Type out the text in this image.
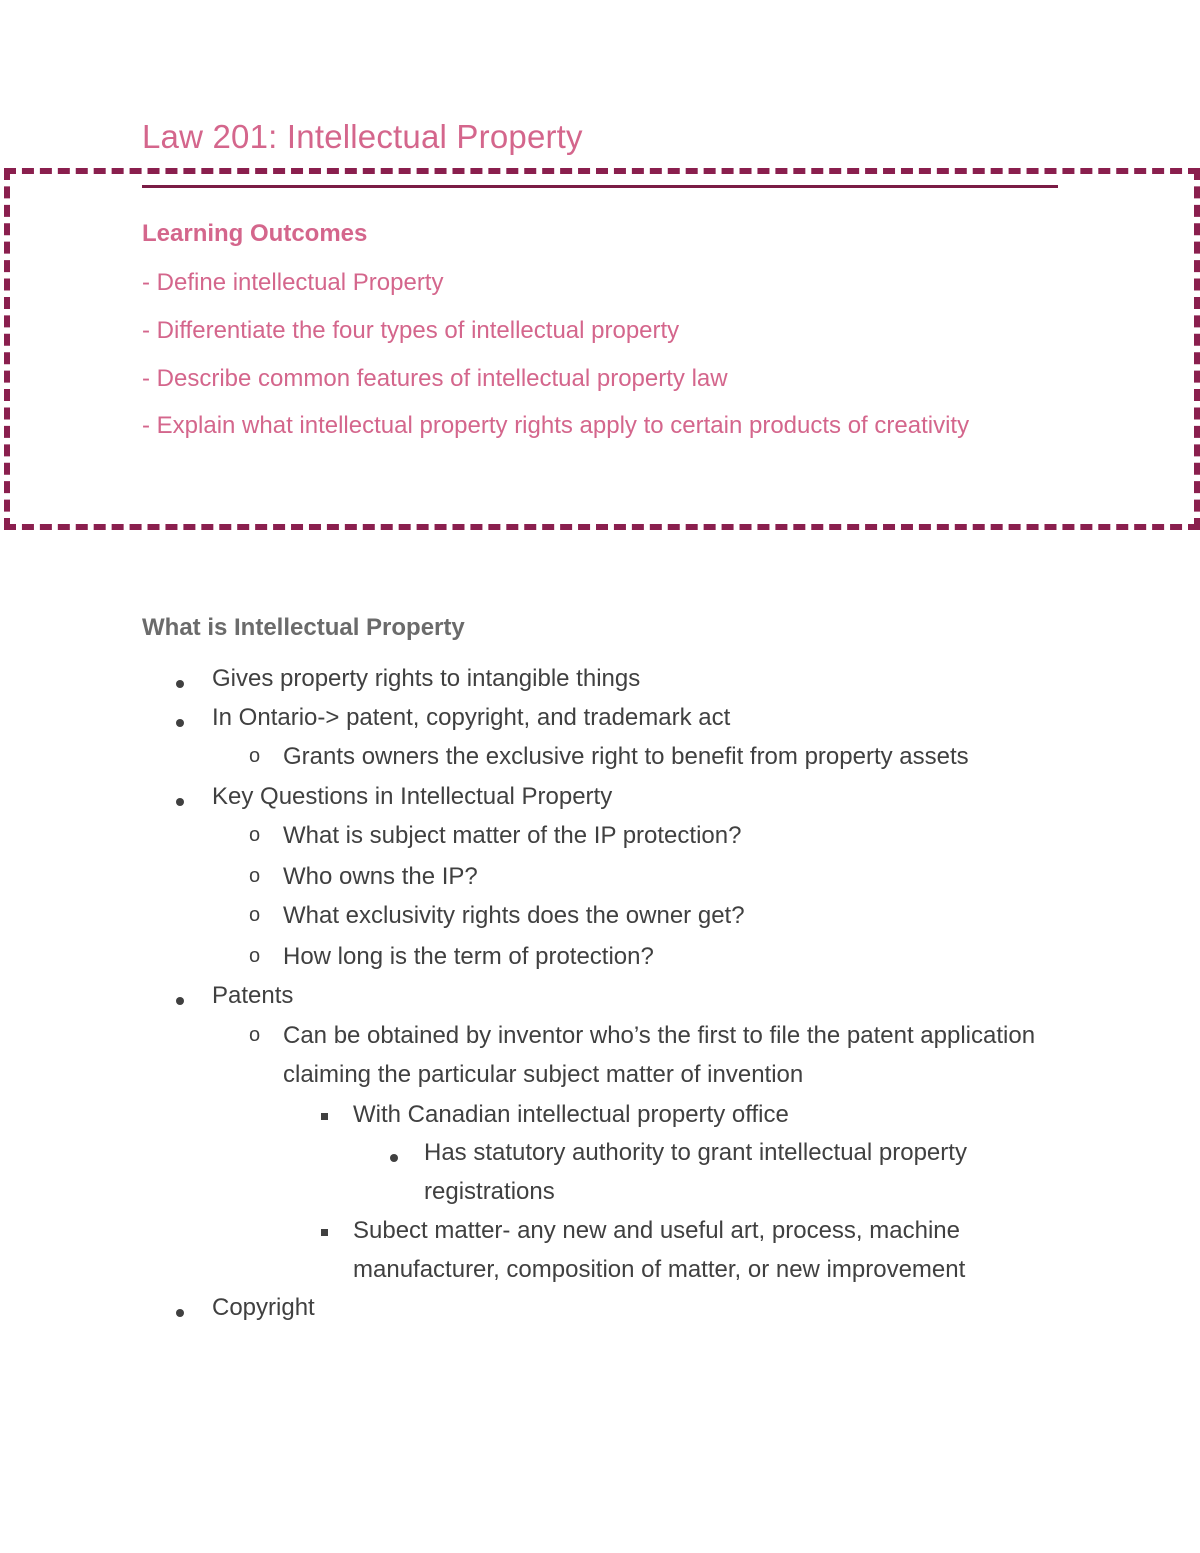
Law 201: Intellectual Property
Learning Outcomes
- Define intellectual Property
- Differentiate the four types of intellectual property
- Describe common features of intellectual property law
- Explain what intellectual property rights apply to certain products of creativity
What is Intellectual Property
Gives property rights to intangible things
In Ontario-> patent, copyright, and trademark act
o Grants owners the exclusive right to benefit from property assets
Key Questions in Intellectual Property
o What is subject matter of the IP protection?
o Who owns the IP?
o What exclusivity rights does the owner get?
o How long is the term of protection?
Patents
o Can be obtained by inventor who’s the first to file the patent application claiming the particular subject matter of invention
With Canadian intellectual property office
Has statutory authority to grant intellectual property registrations
Subect matter- any new and useful art, process, machine manufacturer, composition of matter, or new improvement
Copyright
